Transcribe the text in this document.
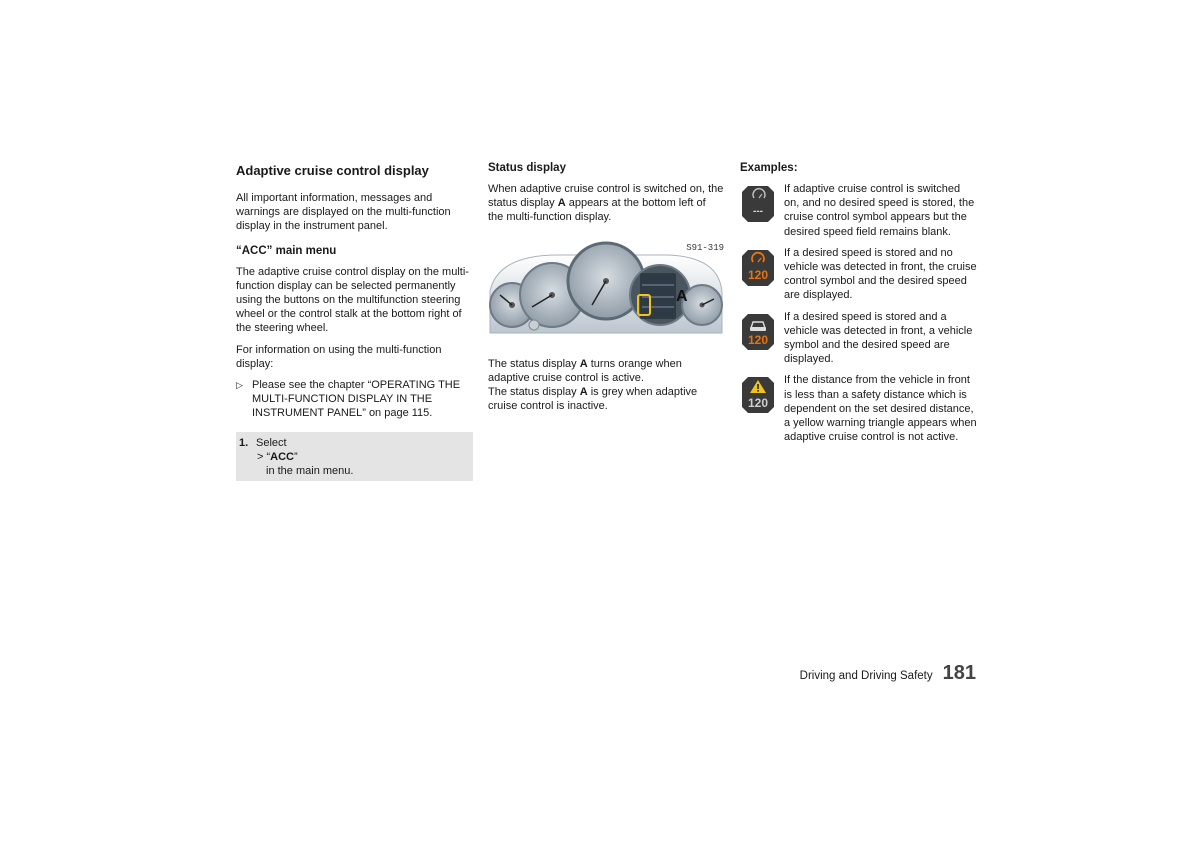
Adaptive cruise control display

All important information, messages and warnings are displayed on the multi-function display in the instrument panel.

“ACC” main menu

The adaptive cruise control display on the multi-function display can be selected permanently using the buttons on the multifunction steering wheel or the control stalk at the bottom right of the steering wheel.

For information on using the multi-function display:

▷ Please see the chapter “OPERATING THE MULTI-FUNCTION DISPLAY IN THE INSTRUMENT PANEL” on page 115.
1. Select
> “ACC”
in the main menu.
Status display

When adaptive cruise control is switched on, the status display A appears at the bottom left of the multi-function display.

S91-319
A

The status display A turns orange when adaptive cruise control is active.

The status display A is grey when adaptive cruise control is inactive.

Examples:
---
If adaptive cruise control is switched on, and no desired speed is stored, the cruise control symbol appears but the desired speed field remains blank.
120
If a desired speed is stored and no vehicle was detected in front, the cruise control symbol and the desired speed are displayed.
120
If a desired speed is stored and a vehicle was detected in front, a vehicle symbol and the desired speed are displayed.
120
If the distance from the vehicle in front is less than a safety distance which is dependent on the set desired distance, a yellow warning triangle appears when adaptive cruise control is not active.
Driving and Driving Safety 181
